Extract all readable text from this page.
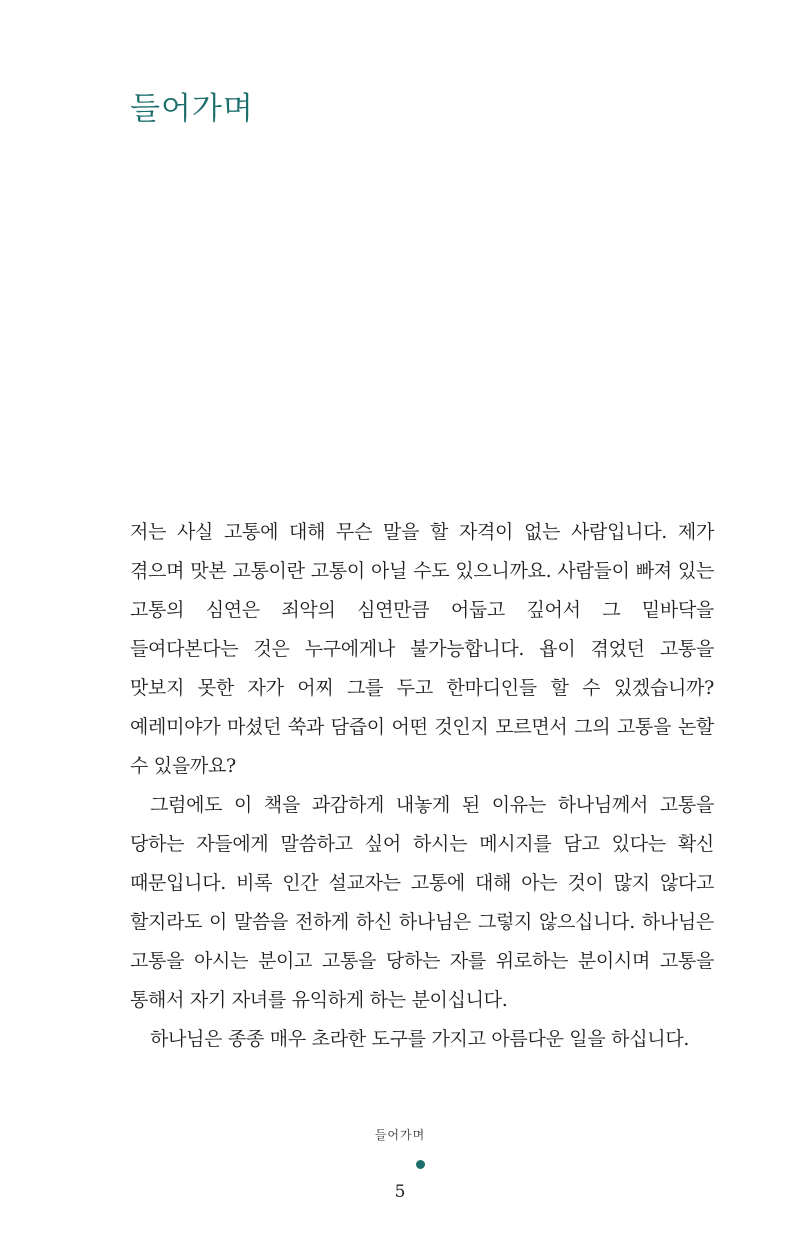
들어가며

저는 사실 고통에 대해 무슨 말을 할 자격이 없는 사람입니다. 제가 겪으며 맛본 고통이란 고통이 아닐 수도 있으니까요. 사람들이 빠져 있는 고통의 심연은 죄악의 심연만큼 어둡고 깊어서 그 밑바닥을 들여다본다는 것은 누구에게나 불가능합니다. 욥이 겪었던 고통을 맛보지 못한 자가 어찌 그를 두고 한마디인들 할 수 있겠습니까? 예레미야가 마셨던 쑥과 담즙이 어떤 것인지 모르면서 그의 고통을 논할 수 있을까요?

그럼에도 이 책을 과감하게 내놓게 된 이유는 하나님께서 고통을 당하는 자들에게 말씀하고 싶어 하시는 메시지를 담고 있다는 확신 때문입니다. 비록 인간 설교자는 고통에 대해 아는 것이 많지 않다고 할지라도 이 말씀을 전하게 하신 하나님은 그렇지 않으십니다. 하나님은 고통을 아시는 분이고 고통을 당하는 자를 위로하는 분이시며 고통을 통해서 자기 자녀를 유익하게 하는 분이십니다.

하나님은 종종 매우 초라한 도구를 가지고 아름다운 일을 하십니다.

들어가며
5
